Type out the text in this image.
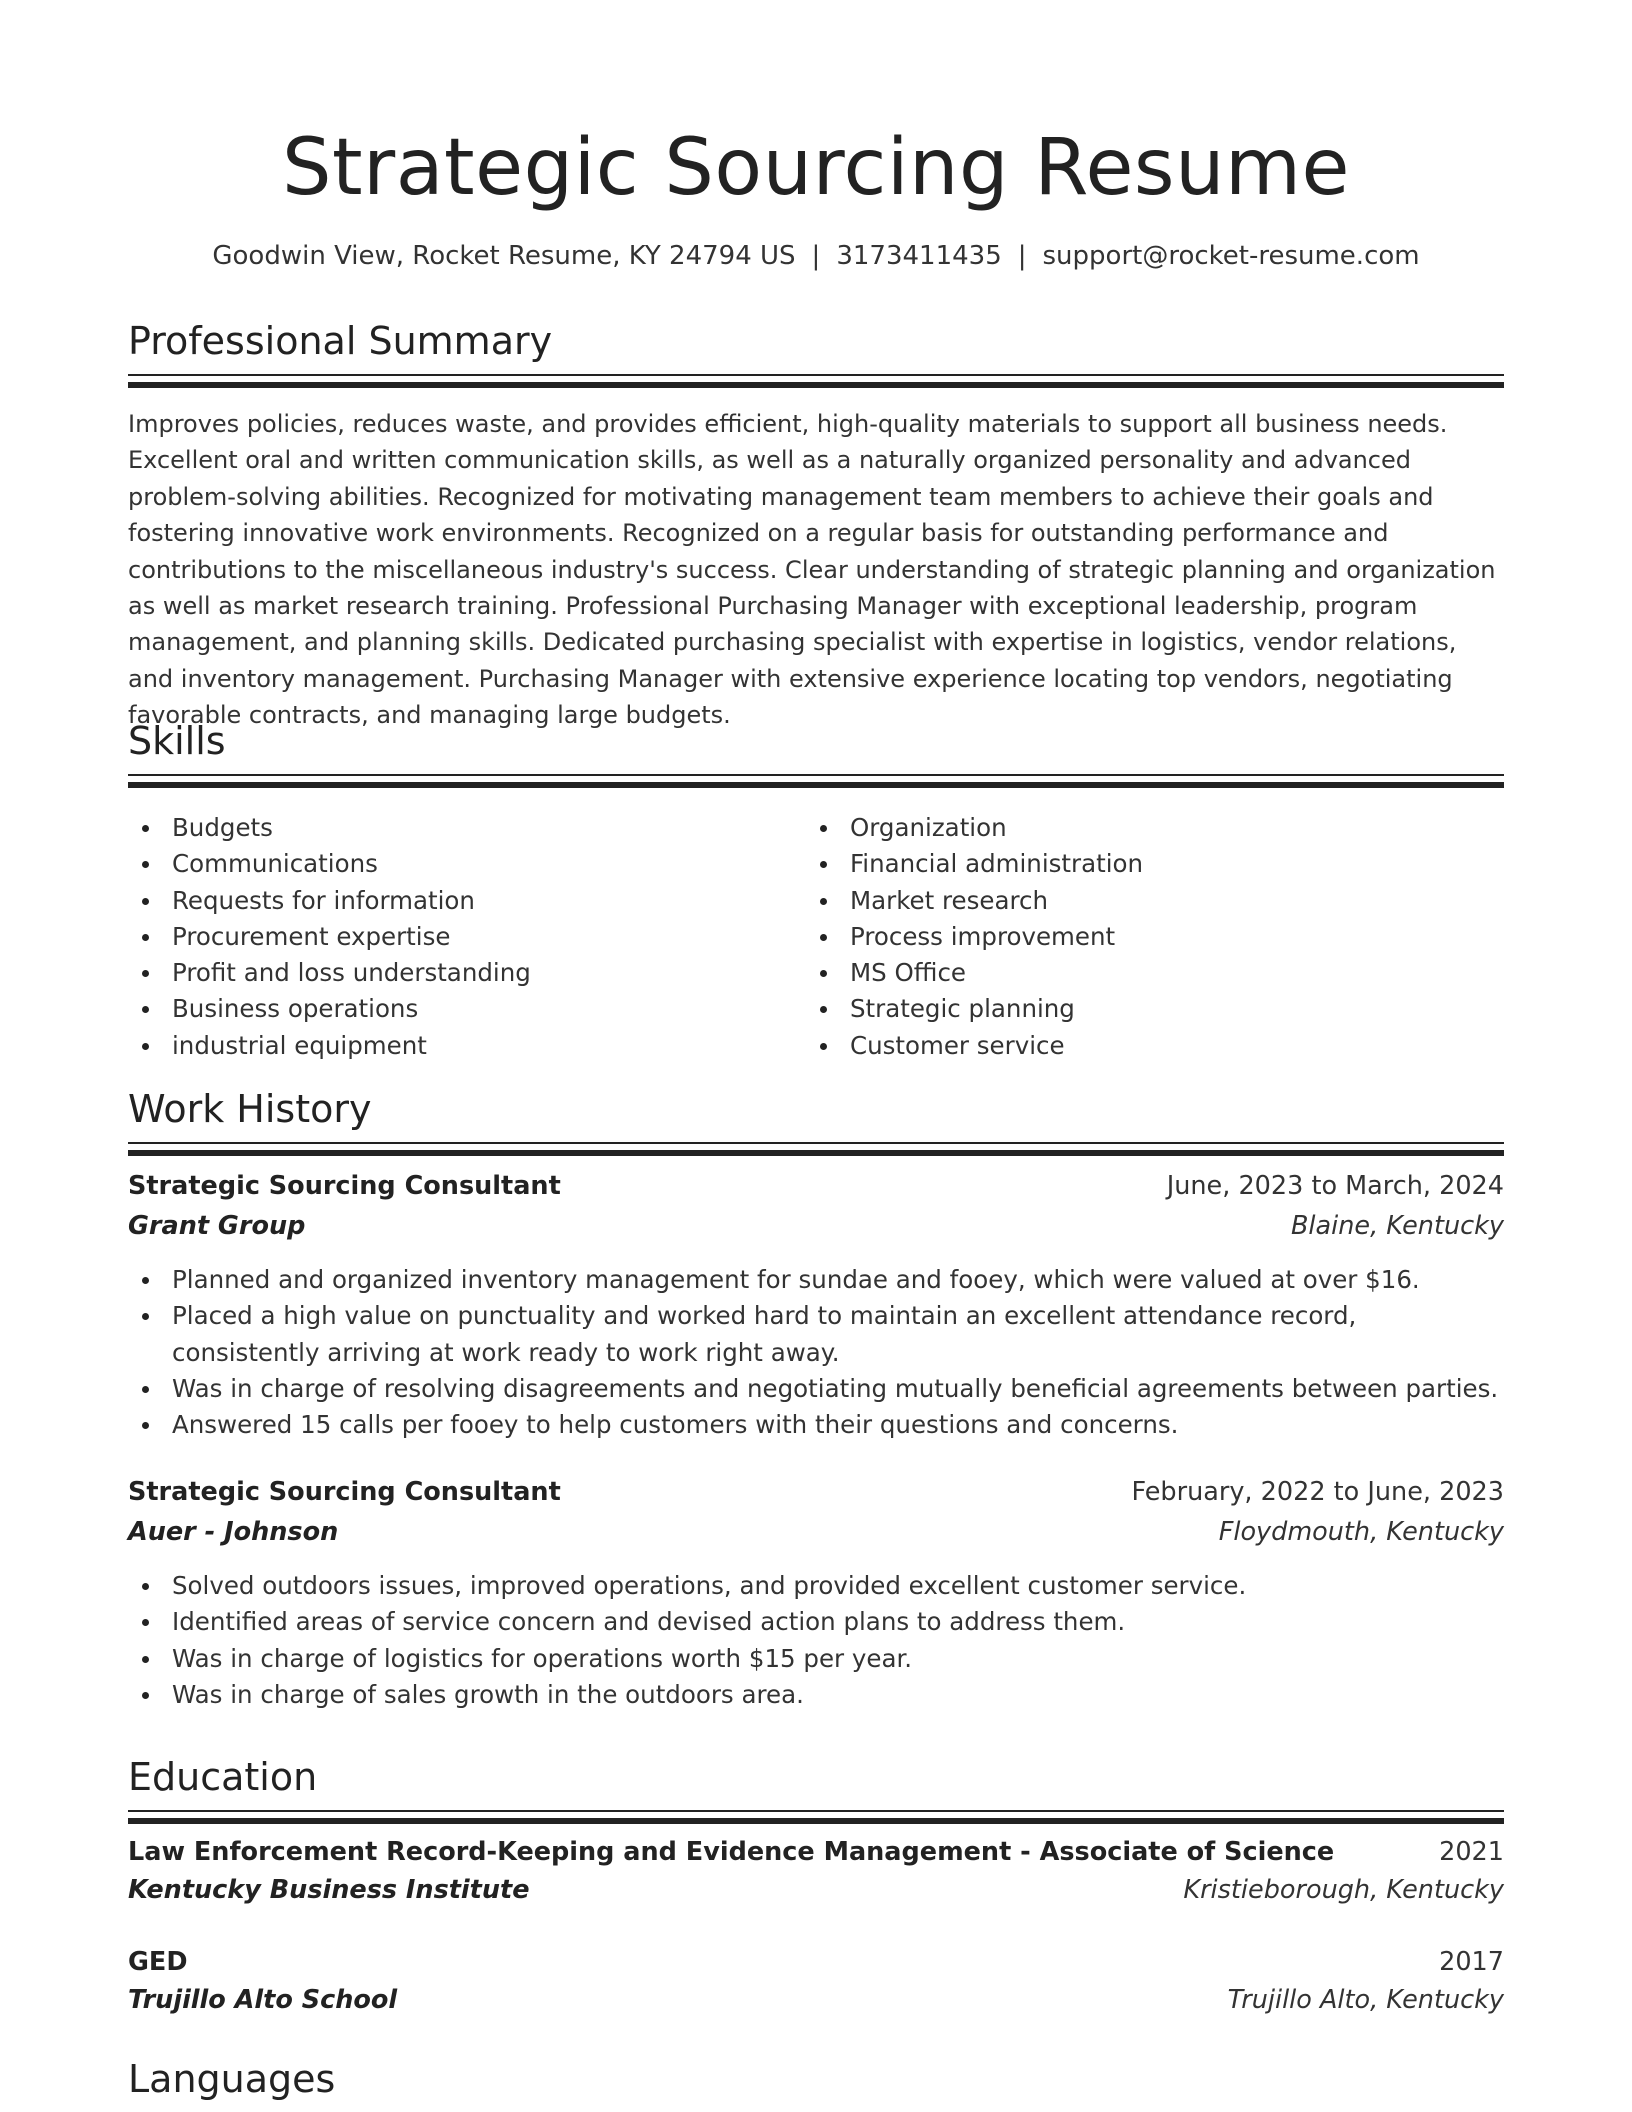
Strategic Sourcing Resume
Goodwin View, Rocket Resume, KY 24794 US | 3173411435 | support@rocket-resume.com
Professional Summary

Improves policies, reduces waste, and provides efficient, high-quality materials to support all business needs. Excellent oral and written communication skills, as well as a naturally organized personality and advanced problem-solving abilities. Recognized for motivating management team members to achieve their goals and fostering innovative work environments. Recognized on a regular basis for outstanding performance and contributions to the miscellaneous industry's success. Clear understanding of strategic planning and organization as well as market research training. Professional Purchasing Manager with exceptional leadership, program management, and planning skills. Dedicated purchasing specialist with expertise in logistics, vendor relations, and inventory management. Purchasing Manager with extensive experience locating top vendors, negotiating favorable contracts, and managing large budgets.

Skills
Budgets
Communications
Requests for information
Procurement expertise
Profit and loss understanding
Business operations
industrial equipment
Organization
Financial administration
Market research
Process improvement
MS Office
Strategic planning
Customer service
Work History
Strategic Sourcing Consultant	June, 2023 to March, 2024
Grant Group	Blaine, Kentucky
Planned and organized inventory management for sundae and fooey, which were valued at over $16.
Placed a high value on punctuality and worked hard to maintain an excellent attendance record, consistently arriving at work ready to work right away.
Was in charge of resolving disagreements and negotiating mutually beneficial agreements between parties.
Answered 15 calls per fooey to help customers with their questions and concerns.
Strategic Sourcing Consultant	February, 2022 to June, 2023
Auer - Johnson	Floydmouth, Kentucky
Solved outdoors issues, improved operations, and provided excellent customer service.
Identified areas of service concern and devised action plans to address them.
Was in charge of logistics for operations worth $15 per year.
Was in charge of sales growth in the outdoors area.
Education
Law Enforcement Record-Keeping and Evidence Management - Associate of Science	2021
Kentucky Business Institute	Kristieborough, Kentucky
GED	2017
Trujillo Alto School	Trujillo Alto, Kentucky
Languages
